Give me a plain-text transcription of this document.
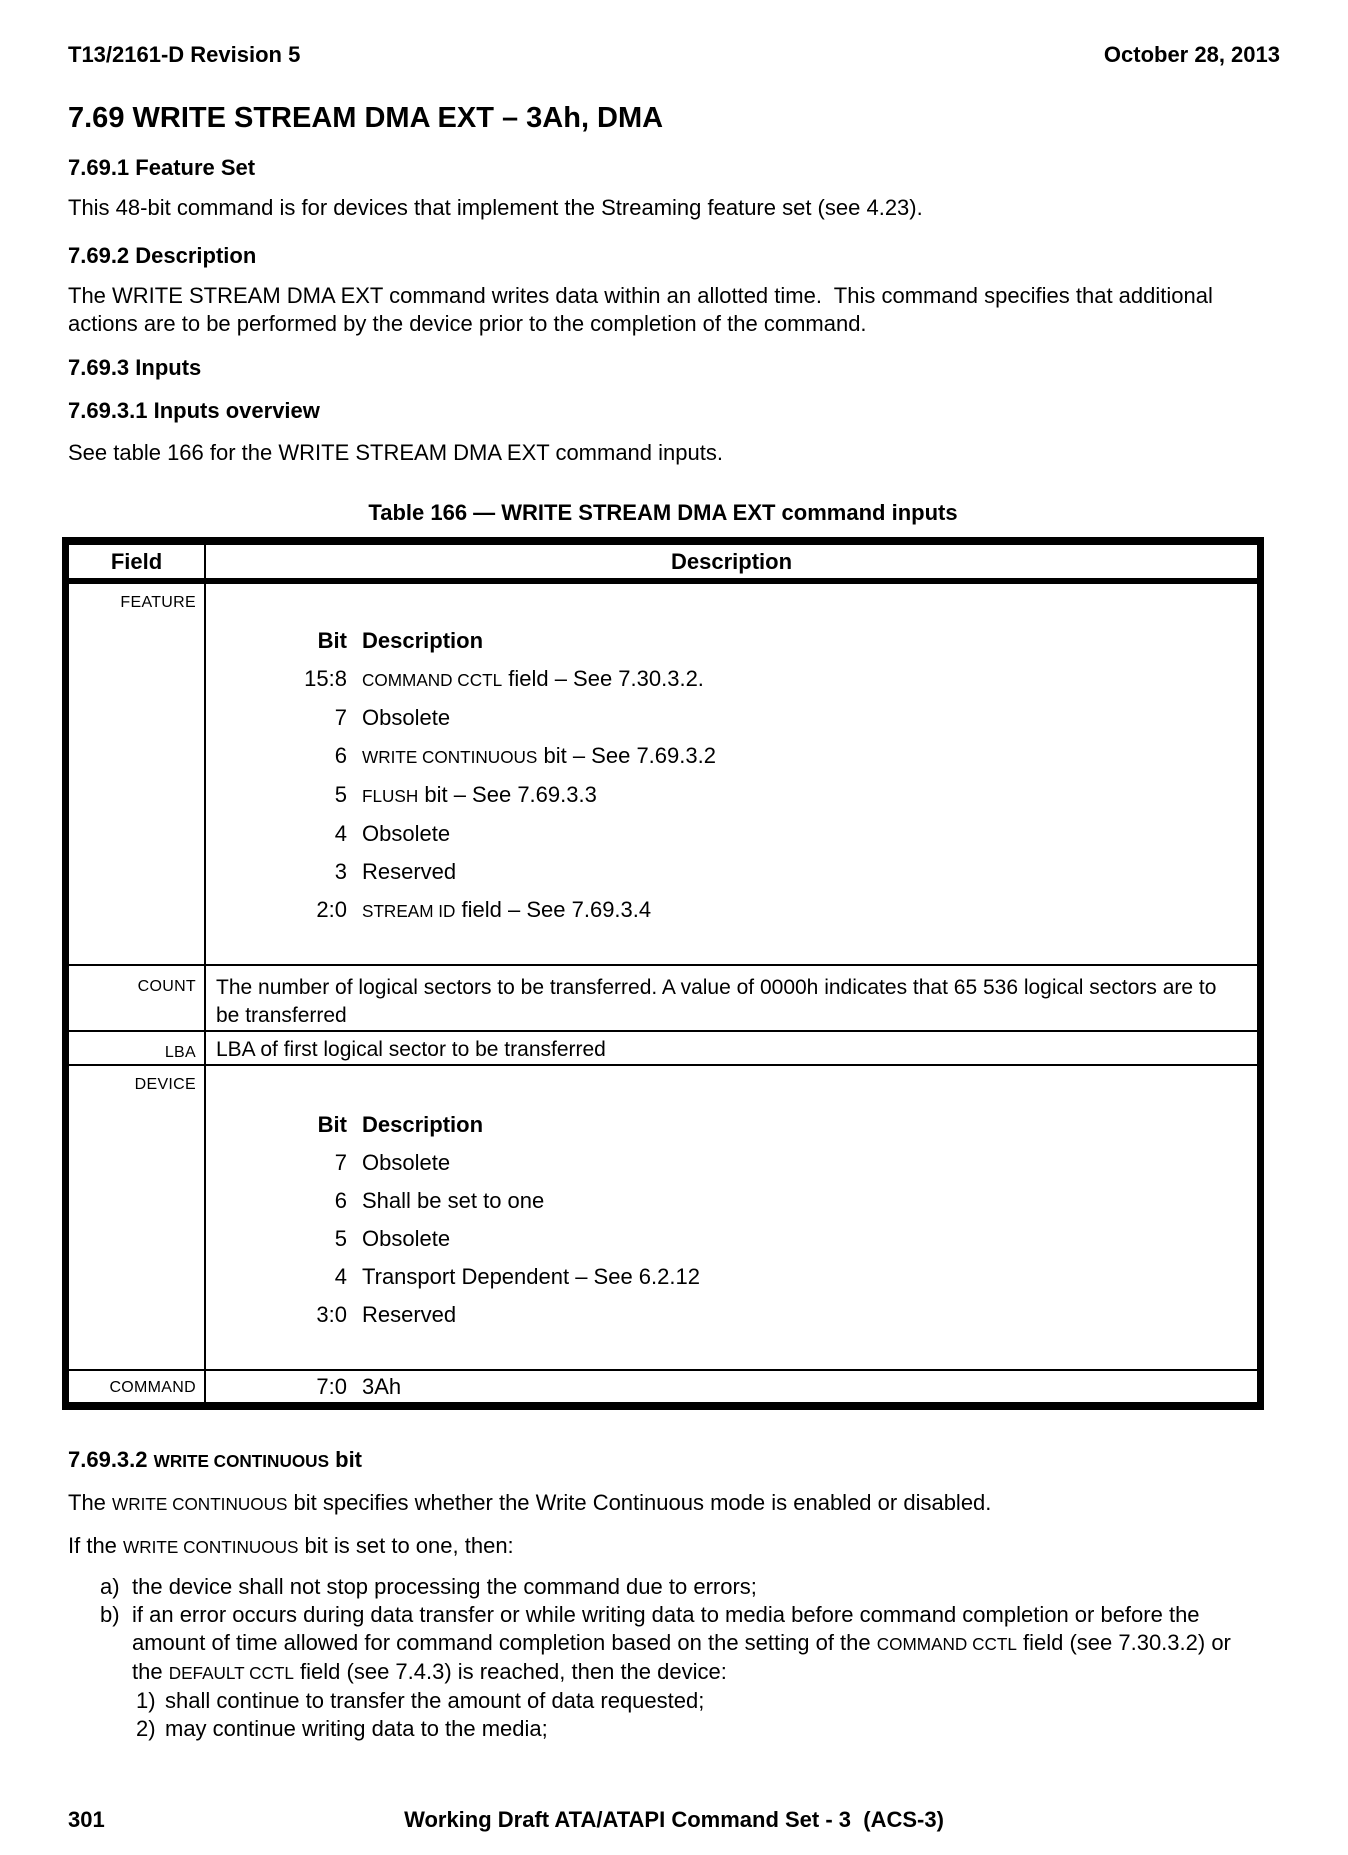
T13/2161-D Revision 5	October 28, 2013
7.69 WRITE STREAM DMA EXT – 3Ah, DMA
7.69.1 Feature Set

This 48-bit command is for devices that implement the Streaming feature set (see 4.23).

7.69.2 Description

The WRITE STREAM DMA EXT command writes data within an allotted time.  This command specifies that additional actions are to be performed by the device prior to the completion of the command.

7.69.3 Inputs
7.69.3.1 Inputs overview

See table 166 for the WRITE STREAM DMA EXT command inputs.

Table 166 — WRITE STREAM DMA EXT command inputs
Field	Description
FEATURE
Bit Description
15:8 COMMAND CCTL field – See 7.30.3.2.
7 Obsolete
6 WRITE CONTINUOUS bit – See 7.69.3.2
5 FLUSH bit – See 7.69.3.3
4 Obsolete
3 Reserved
2:0 STREAM ID field – See 7.69.3.4
COUNT The number of logical sectors to be transferred. A value of 0000h indicates that 65 536 logical sectors are to be transferred
LBA LBA of first logical sector to be transferred
DEVICE
Bit Description
7 Obsolete
6 Shall be set to one
5 Obsolete
4 Transport Dependent – See 6.2.12
3:0 Reserved
COMMAND	7:0 3Ah
7.69.3.2 WRITE CONTINUOUS bit

The WRITE CONTINUOUS bit specifies whether the Write Continuous mode is enabled or disabled.

If the WRITE CONTINUOUS bit is set to one, then:

a) the device shall not stop processing the command due to errors;
b) if an error occurs during data transfer or while writing data to media before command completion or before the amount of time allowed for command completion based on the setting of the COMMAND CCTL field (see 7.30.3.2) or the DEFAULT CCTL field (see 7.4.3) is reached, then the device:
1) shall continue to transfer the amount of data requested;
2) may continue writing data to the media;
301	Working Draft ATA/ATAPI Command Set - 3  (ACS-3)
